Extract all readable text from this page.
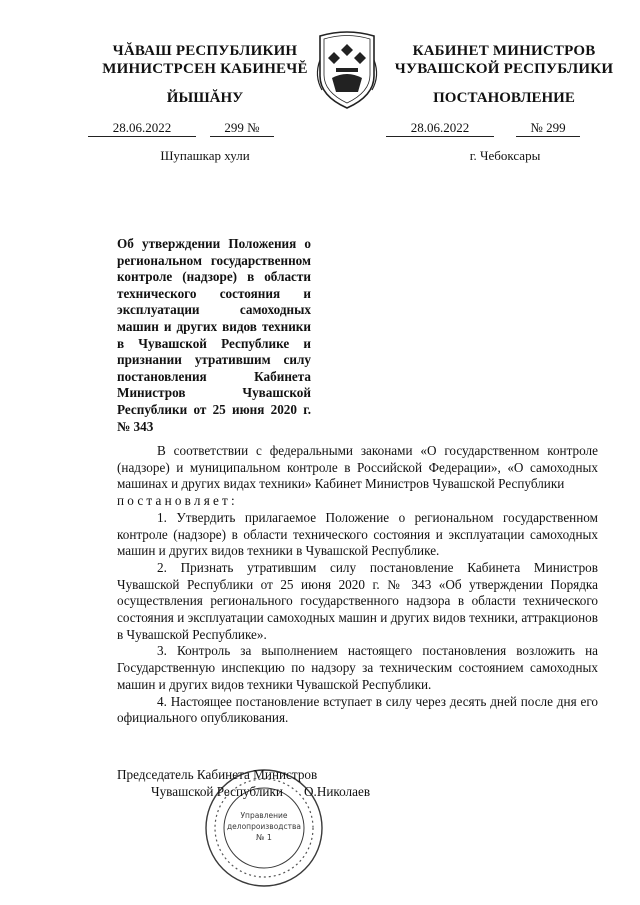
ЧĂВАШ РЕСПУБЛИКИН
МИНИСТРСЕН КАБИНЕЧĔ
КАБИНЕТ МИНИСТРОВ
ЧУВАШСКОЙ РЕСПУБЛИКИ
ЙЫШĂНУ	ПОСТАНОВЛЕНИЕ
28.06.2022	299 №	28.06.2022	№ 299
Шупашкар хули	г. Чебоксары
Об утверждении Положения о региональном государственном контроле (надзоре) в области технического состояния и эксплуатации самоходных машин и других видов техники в Чувашской Республике и признании утратившим силу постановления Кабинета Министров Чувашской Республики от 25 июня 2020 г. № 343

В соответствии с федеральными законами «О государственном контроле (надзоре) и муниципальном контроле в Российской Федерации», «О самоходных машинах и других видах техники» Кабинет Министров Чувашской Республики

постановляет:

1. Утвердить прилагаемое Положение о региональном государственном контроле (надзоре) в области технического состояния и эксплуатации самоходных машин и других видов техники в Чувашской Республике.

2. Признать утратившим силу постановление Кабинета Министров Чувашской Республики от 25 июня 2020 г. № 343 «Об утверждении Порядка осуществления регионального государственного надзора в области технического состояния и эксплуатации самоходных машин и других видов техники, аттракционов в Чувашской Республике».

3. Контроль за выполнением настоящего постановления возложить на Государственную инспекцию по надзору за техническим состоянием самоходных машин и других видов техники Чувашской Республики.

4. Настоящее постановление вступает в силу через десять дней после дня его официального опубликования.

Управление
делопроизводства
№ 1
Председатель Кабинета Министров
Чувашской Республики О.Николаев
